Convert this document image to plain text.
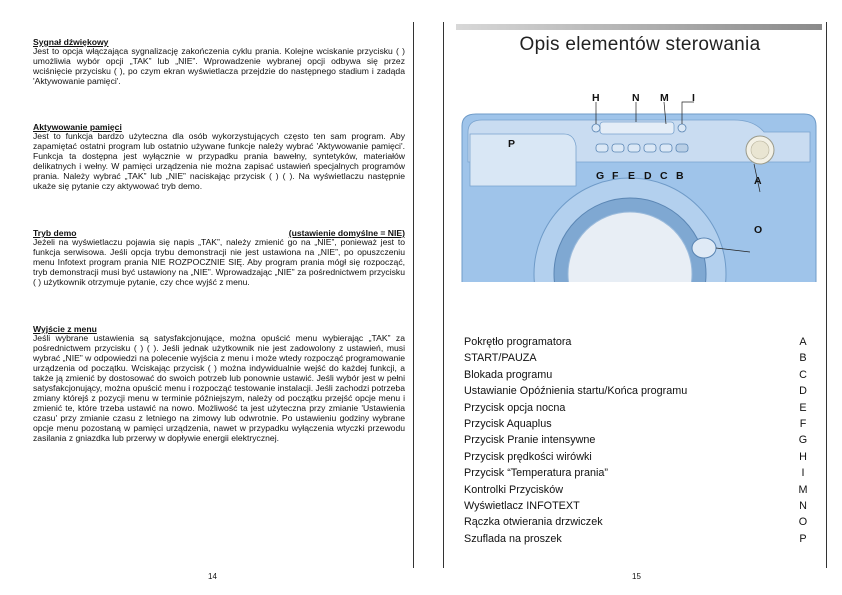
Sygnał dźwiękowy
Jest to opcja włączająca sygnalizację zakończenia cyklu prania. Kolejne wciskanie przycisku ( ) umożliwia wybór opcji „TAK” lub „NIE”. Wprowadzenie wybranej opcji odbywa się przez wciśnięcie przycisku ( ), po czym ekran wyświetlacza przejdzie do następnego stadium i zadąda 'Aktywowanie pamięci'.
Aktywowanie pamięci
Jest to funkcja bardzo użyteczna dla osób wykorzystujących często ten sam program. Aby zapamiętać ostatni program lub ostatnio używane funkcje należy wybrać 'Aktywowanie pamięci'. Funkcja ta dostępna jest wyłącznie w przypadku prania bawełny, syntetyków, materiałów delikatnych i wełny. W pamięci urządzenia nie można zapisać ustawień specjalnych programów prania. Należy wybrać „TAK” lub „NIE” naciskając przycisk ( ) ( ). Na wyświetlaczu następnie ukaże się pytanie czy aktywować tryb demo.
Tryb demo	(ustawienie domyślne = NIE)
Jeżeli na wyświetlaczu pojawia się napis „TAK”, należy zmienić go na „NIE”, ponieważ jest to funkcja serwisowa. Jeśli opcja trybu demonstracji nie jest ustawiona na „NIE”, po opuszczeniu menu Infotext program prania NIE ROZPOCZNIE SIĘ. Aby program prania mógł się rozpocząć, tryb demonstracji musi być ustawiony na „NIE”. Wprowadzając „NIE” za pośrednictwem przycisku ( ) użytkownik otrzymuje pytanie, czy chce wyjść z menu.
Wyjście z menu
Jeśli wybrane ustawienia są satysfakcjonujące, można opuścić menu wybierając „TAK” za pośrednictwem przycisku ( ) ( ). Jeśli jednak użytkownik nie jest zadowolony z ustawień, musi wybrać „NIE” w odpowiedzi na polecenie wyjścia z menu i może wtedy rozpocząć programowanie urządzenia od początku. Wciskając przycisk ( ) można indywidualnie wejść do każdej funkcji, a także ją zmienić by dostosować do swoich potrzeb lub ponownie ustawić. Jeśli wybór jest w pełni satysfakcjonujący, można opuścić menu i rozpocząć testowanie instalacji. Jeśli zachodzi potrzeba zmiany którejś z pozycji menu w terminie późniejszym, należy od początku przejść opcje menu i zmienić te, które trzeba ustawić na nowo. Możliwość ta jest użyteczna przy zmianie 'Ustawienia czasu' przy zmianie czasu z letniego na zimowy lub odwrotnie. Po ustawieniu godziny wybrane opcje menu pozostaną w pamięci urządzenia, nawet w przypadku wyłączenia wtyczki przewodu zasilania z gniazdka lub przerwy w dopływie energii elektrycznej.
14
Opis elementów sterowania
H	N M I
P
A
O
G F E D C B
Pokrętło programatora	A
START/PAUZA	B
Blokada programu	C
Ustawianie Opóźnienia startu/Końca programu	D
Przycisk opcja nocna	E
Przycisk Aquaplus	F
Przycisk Pranie intensywne	G
Przycisk prędkości wirówki	H
Przycisk “Temperatura prania”	I
Kontrolki Przycisków	M
Wyświetlacz INFOTEXT	N
Rączka otwierania drzwiczek	O
Szuflada na proszek	P
15
